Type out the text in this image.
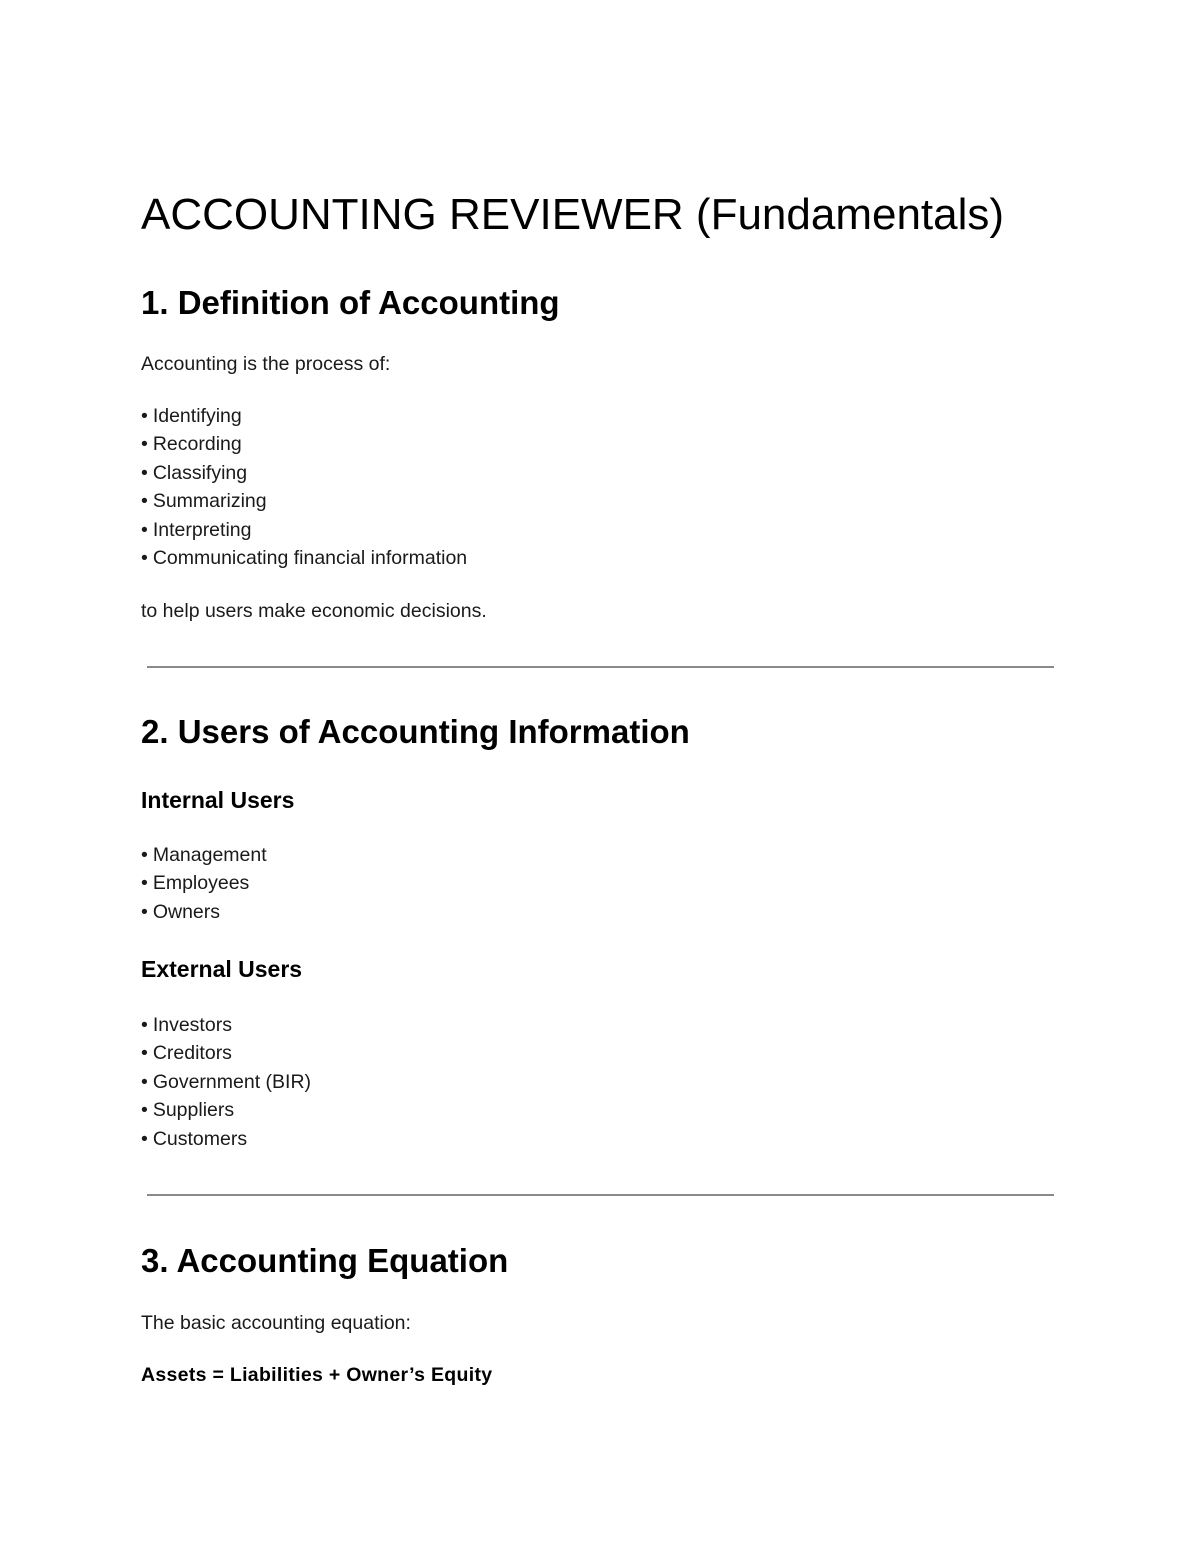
ACCOUNTING REVIEWER (Fundamentals)
1. Definition of Accounting
Accounting is the process of:
• Identifying
• Recording
• Classifying
• Summarizing
• Interpreting
• Communicating financial information
to help users make economic decisions.
2. Users of Accounting Information
Internal Users
• Management
• Employees
• Owners
External Users
• Investors
• Creditors
• Government (BIR)
• Suppliers
• Customers
3. Accounting Equation
The basic accounting equation:
Assets = Liabilities + Owner’s Equity
